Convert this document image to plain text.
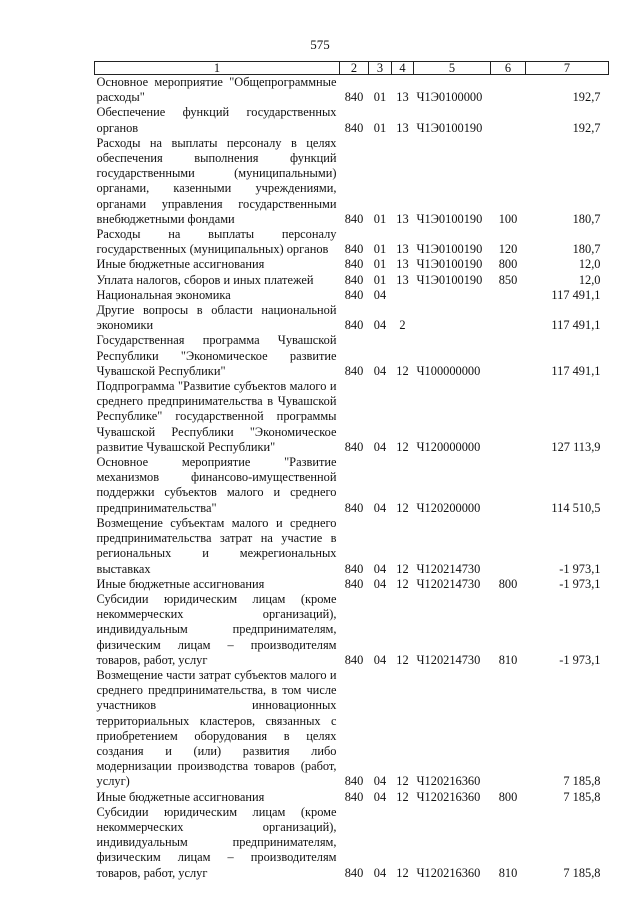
575
1	2	3	4	5	6	7
Основное мероприятие "Общепрограммные расходы"	840	01	13	Ч1Э0100000		192,7
Обеспечение функций государственных органов	840	01	13	Ч1Э0100190		192,7
Расходы на выплаты персоналу в целях обеспечения выполнения функций государственными (муниципальными) органами, казенными учреждениями, органами управления государственными внебюджетными фондами	840	01	13	Ч1Э0100190	100	180,7
Расходы на выплаты персоналу государственных (муниципальных) органов	840	01	13	Ч1Э0100190	120	180,7
Иные бюджетные ассигнования	840	01	13	Ч1Э0100190	800	12,0
Уплата налогов, сборов и иных платежей	840	01	13	Ч1Э0100190	850	12,0
Национальная экономика	840	04				117 491,1
Другие вопросы в области национальной экономики	840	04	2			117 491,1
Государственная программа Чувашской Республики "Экономическое развитие Чувашской Республики"	840	04	12	Ч100000000		117 491,1
Подпрограмма "Развитие субъектов малого и среднего предпринимательства в Чувашской Республике" государственной программы Чувашской Республики "Экономическое развитие Чувашской Республики"	840	04	12	Ч120000000		127 113,9
Основное мероприятие "Развитие механизмов финансово-имущественной поддержки субъектов малого и среднего предпринимательства"	840	04	12	Ч120200000		114 510,5
Возмещение субъектам малого и среднего предпринимательства затрат на участие в региональных и межрегиональных выставках	840	04	12	Ч120214730		-1 973,1
Иные бюджетные ассигнования	840	04	12	Ч120214730	800	-1 973,1
Субсидии юридическим лицам (кроме некоммерческих организаций), индивидуальным предпринимателям, физическим лицам – производителям товаров, работ, услуг	840	04	12	Ч120214730	810	-1 973,1
Возмещение части затрат субъектов малого и среднего предпринимательства, в том числе участников инновационных территориальных кластеров, связанных с приобретением оборудования в целях создания и (или) развития либо модернизации производства товаров (работ, услуг)	840	04	12	Ч120216360		7 185,8
Иные бюджетные ассигнования	840	04	12	Ч120216360	800	7 185,8
Субсидии юридическим лицам (кроме некоммерческих организаций), индивидуальным предпринимателям, физическим лицам – производителям товаров, работ, услуг	840	04	12	Ч120216360	810	7 185,8
